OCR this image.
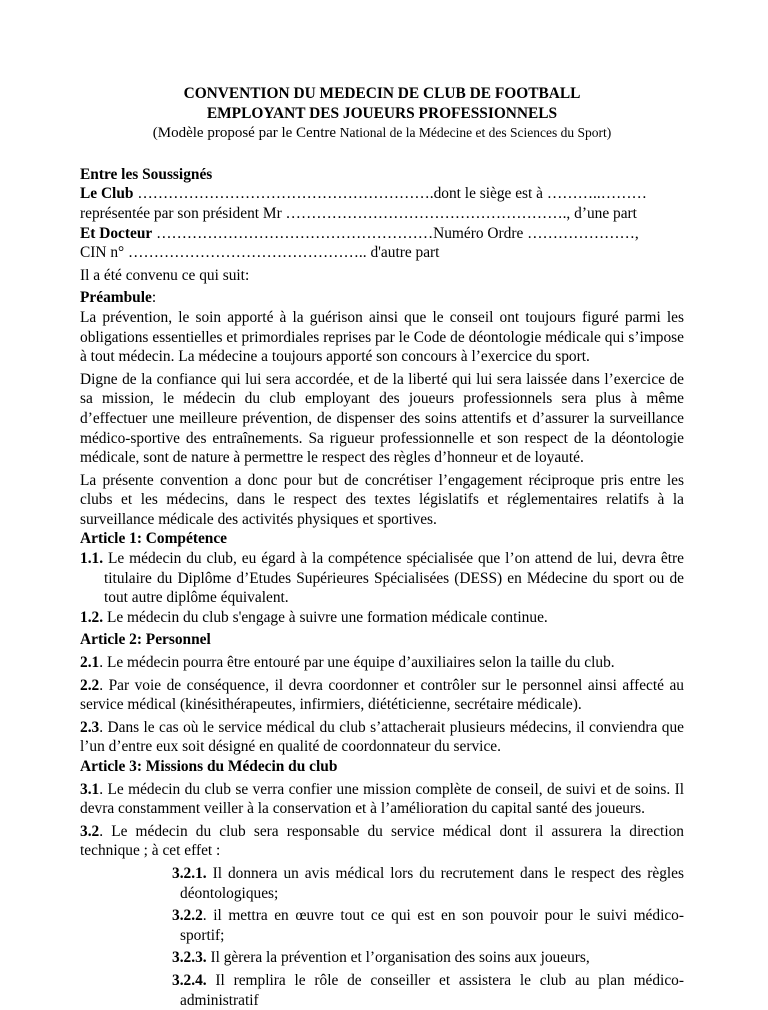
CONVENTION DU MEDECIN DE CLUB DE FOOTBALL

EMPLOYANT DES JOUEURS PROFESSIONNELS

(Modèle proposé par le Centre National de la Médecine et des Sciences du Sport)

Entre les Soussignés

Le Club ………………………………………………….dont le siège est à ………..………

représentée par son président Mr ………………………………………………., d’une part

Et Docteur ………………………………………………Numéro Ordre …………………,

CIN n° ……………………………………….. d'autre part

Il a été convenu ce qui suit:

Préambule:

La prévention, le soin apporté à la guérison ainsi que le conseil ont toujours figuré parmi les obligations essentielles et primordiales reprises par le Code de déontologie médicale qui s’impose à tout médecin. La médecine a toujours apporté son concours à l’exercice du sport.

Digne de la confiance qui lui sera accordée, et de la liberté qui lui sera laissée dans l’exercice de sa mission, le médecin du club employant des joueurs professionnels sera plus à même d’effectuer une meilleure prévention, de dispenser des soins attentifs et d’assurer la surveillance médico-sportive des entraînements. Sa rigueur professionnelle et son respect de la déontologie médicale, sont de nature à permettre le respect des règles d’honneur et de loyauté.

La présente convention a donc pour but de concrétiser l’engagement réciproque pris entre les clubs et les médecins, dans le respect des textes législatifs et réglementaires relatifs à la surveillance médicale des activités physiques et sportives.

Article 1: Compétence

1.1. Le médecin du club, eu égard à la compétence spécialisée que l’on attend de lui, devra être titulaire du Diplôme d’Etudes Supérieures Spécialisées (DESS) en Médecine du sport ou de tout autre diplôme équivalent.

1.2. Le médecin du club s'engage à suivre une formation médicale continue.

Article 2: Personnel

2.1. Le médecin pourra être entouré par une équipe d’auxiliaires selon la taille du club.

2.2. Par voie de conséquence, il devra coordonner et contrôler sur le personnel ainsi affecté au service médical (kinésithérapeutes, infirmiers, diététicienne, secrétaire médicale).

2.3. Dans le cas où le service médical du club s’attacherait plusieurs médecins, il conviendra que l’un d’entre eux soit désigné en qualité de coordonnateur du service.

Article 3: Missions du Médecin du club

3.1. Le médecin du club se verra confier une mission complète de conseil, de suivi et de soins. Il devra constamment veiller à la conservation et à l’amélioration du capital santé des joueurs.

3.2. Le médecin du club sera responsable du service médical dont il assurera la direction technique ; à cet effet :

3.2.1. Il donnera un avis médical lors du recrutement dans le respect des règles déontologiques;

3.2.2. il mettra en œuvre tout ce qui est en son pouvoir pour le suivi médico-sportif;

3.2.3. Il gèrera la prévention et l’organisation des soins aux joueurs,

3.2.4. Il remplira le rôle de conseiller et assistera le club au plan médico-administratif
